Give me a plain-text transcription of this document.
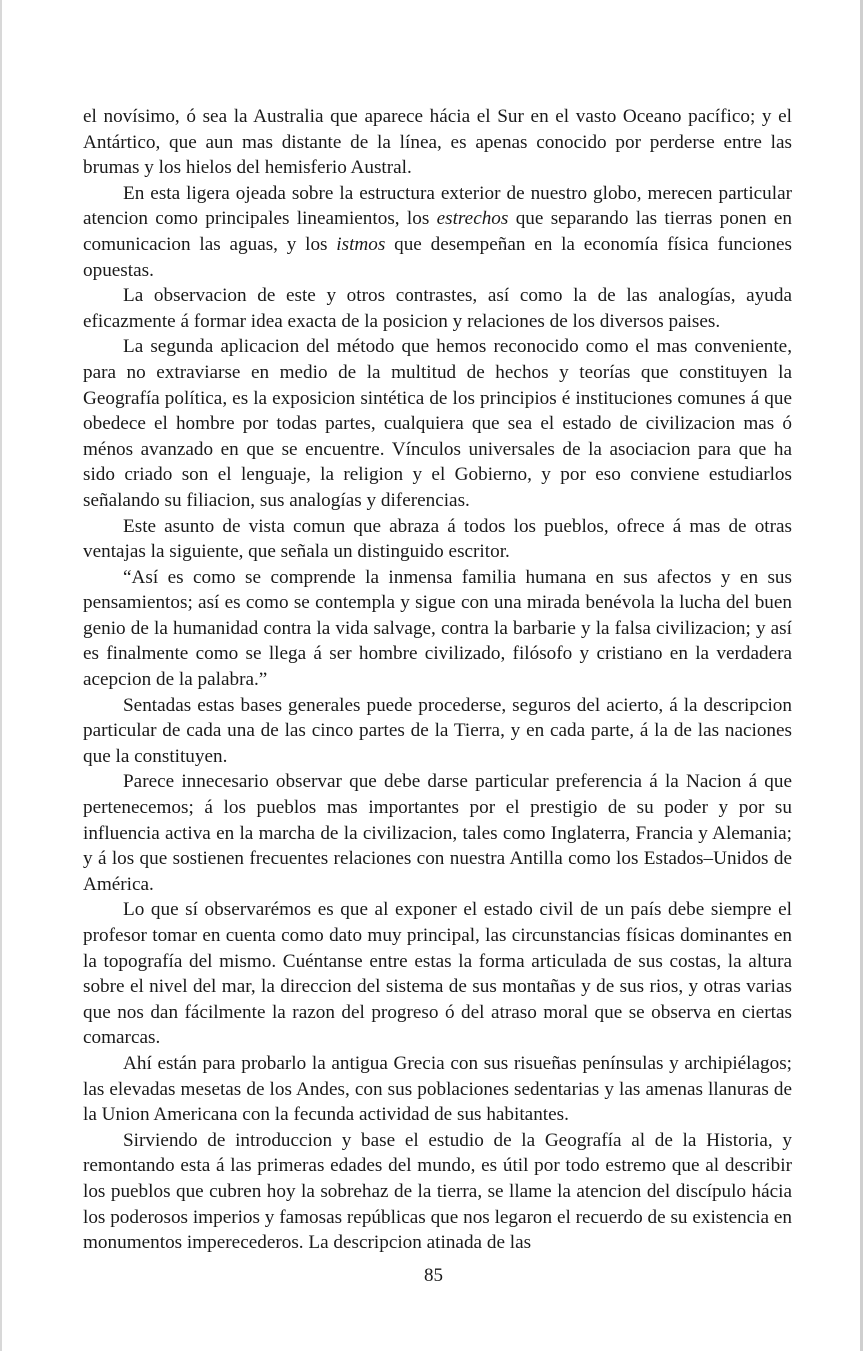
el novísimo, ó sea la Australia que aparece hácia el Sur en el vasto Oceano pacífico; y el Antártico, que aun mas distante de la línea, es apenas conocido por perderse entre las brumas y los hielos del hemisferio Austral.

En esta ligera ojeada sobre la estructura exterior de nuestro globo, merecen particular atencion como principales lineamientos, los estrechos que separando las tierras ponen en comunicacion las aguas, y los istmos que desempeñan en la economía física funciones opuestas.

La observacion de este y otros contrastes, así como la de las analogías, ayuda eficazmente á formar idea exacta de la posicion y relaciones de los diversos paises.

La segunda aplicacion del método que hemos reconocido como el mas conveniente, para no extraviarse en medio de la multitud de hechos y teorías que constituyen la Geografía política, es la exposicion sintética de los principios é instituciones comunes á que obedece el hombre por todas partes, cualquiera que sea el estado de civilizacion mas ó ménos avanzado en que se encuentre. Vínculos universales de la asociacion para que ha sido criado son el lenguaje, la religion y el Gobierno, y por eso conviene estudiarlos señalando su filiacion, sus analogías y diferencias.

Este asunto de vista comun que abraza á todos los pueblos, ofrece á mas de otras ventajas la siguiente, que señala un distinguido escritor.

“Así es como se comprende la inmensa familia humana en sus afectos y en sus pensamientos; así es como se contempla y sigue con una mirada benévola la lucha del buen genio de la humanidad contra la vida salvage, contra la barbarie y la falsa civilizacion; y así es finalmente como se llega á ser hombre civilizado, filósofo y cristiano en la verdadera acepcion de la palabra.”

Sentadas estas bases generales puede procederse, seguros del acierto, á la descripcion particular de cada una de las cinco partes de la Tierra, y en cada parte, á la de las naciones que la constituyen.

Parece innecesario observar que debe darse particular preferencia á la Nacion á que pertenecemos; á los pueblos mas importantes por el prestigio de su poder y por su influencia activa en la marcha de la civilizacion, tales como Inglaterra, Francia y Alemania; y á los que sostienen frecuentes relaciones con nuestra Antilla como los Estados–Unidos de América.

Lo que sí observarémos es que al exponer el estado civil de un país debe siempre el profesor tomar en cuenta como dato muy principal, las circunstancias físicas dominantes en la topografía del mismo. Cuéntanse entre estas la forma articulada de sus costas, la altura sobre el nivel del mar, la direccion del sistema de sus montañas y de sus rios, y otras varias que nos dan fácilmente la razon del progreso ó del atraso moral que se observa en ciertas comarcas.

Ahí están para probarlo la antigua Grecia con sus risueñas penínsulas y archipiélagos; las elevadas mesetas de los Andes, con sus poblaciones sedentarias y las amenas llanuras de la Union Americana con la fecunda actividad de sus habitantes.

Sirviendo de introduccion y base el estudio de la Geografía al de la Historia, y remontando esta á las primeras edades del mundo, es útil por todo estremo que al describir los pueblos que cubren hoy la sobrehaz de la tierra, se llame la atencion del discípulo hácia los poderosos imperios y famosas repúblicas que nos legaron el recuerdo de su existencia en monumentos imperecederos. La descripcion atinada de las

85
